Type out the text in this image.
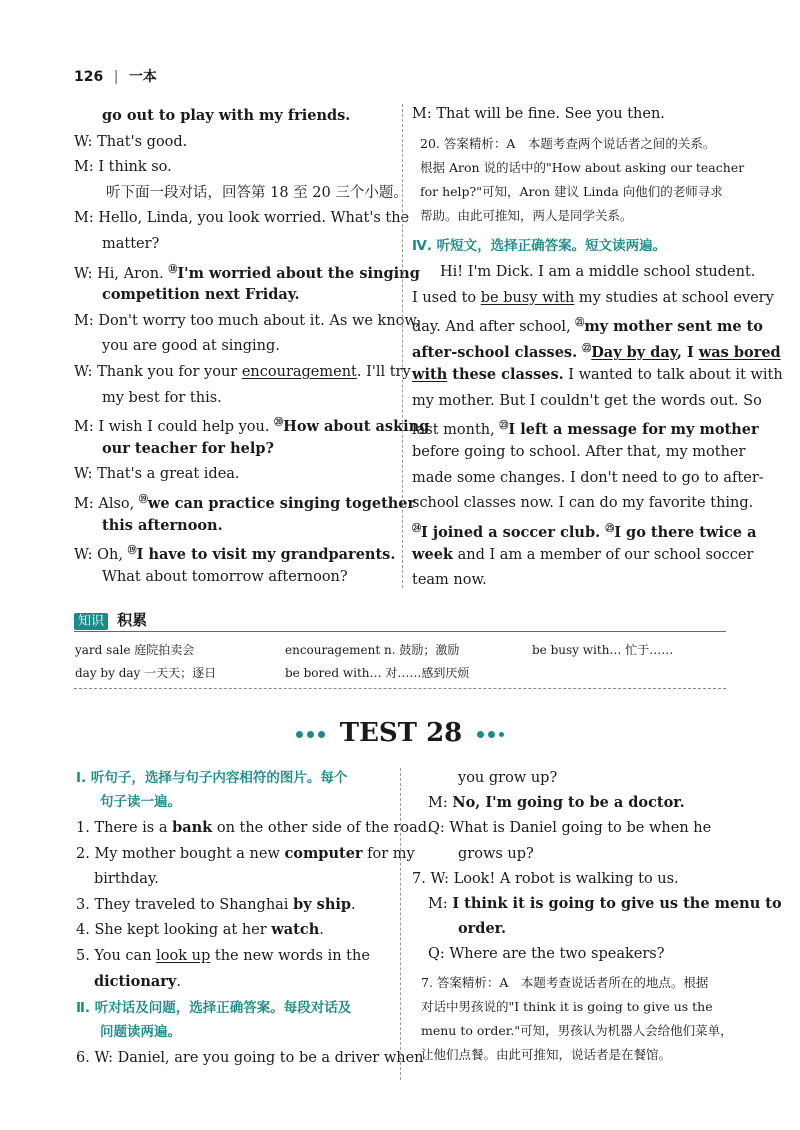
126 | 一本
go out to play with my friends.
W: That's good.
M: I think so.
听下面一段对话，回答第 18 至 20 三个小题。
M: Hello, Linda, you look worried. What's the
matter?
W: Hi, Aron. ⑱I'm worried about the singing
competition next Friday.
M: Don't worry too much about it. As we know,
you are good at singing.
W: Thank you for your encouragement. I'll try
my best for this.
M: I wish I could help you. ⑳How about asking
our teacher for help?
W: That's a great idea.
M: Also, ⑲we can practice singing together
this afternoon.
W: Oh, ⑲I have to visit my grandparents.
What about tomorrow afternoon?
M: That will be fine. See you then.
20. 答案精析：A　本题考查两个说话者之间的关系。
根据 Aron 说的话中的"How about asking our teacher
for help?"可知，Aron 建议 Linda 向他们的老师寻求
帮助。由此可推知，两人是同学关系。
Ⅳ. 听短文，选择正确答案。短文读两遍。
Hi! I'm Dick. I am a middle school student.
I used to be busy with my studies at school every
day. And after school, $^㉑$my mother sent me to
after-school classes. $^㉒$Day by day, I was bored
with these classes. I wanted to talk about it with
my mother. But I couldn't get the words out. So
last month, $^㉓$I left a message for my mother
before going to school. After that, my mother
made some changes. I don't need to go to after-
school classes now. I can do my favorite thing.
$^㉔$I joined a soccer club. $^㉕$I go there twice a
week and I am a member of our school soccer
team now.
知识 积累
yard sale 庭院拍卖会	encouragement n. 鼓励；激励	be busy with… 忙于……
day by day 一天天；逐日	be bored with… 对……感到厌烦
TEST 28
Ⅰ. 听句子，选择与句子内容相符的图片。每个
句子读一遍。
1. There is a bank on the other side of the road.
2. My mother bought a new computer for my
birthday.
3. They traveled to Shanghai by ship.
4. She kept looking at her watch.
5. You can look up the new words in the
dictionary.
Ⅱ. 听对话及问题，选择正确答案。每段对话及
问题读两遍。
6. W: Daniel, are you going to be a driver when
you grow up?
M: No, I'm going to be a doctor.
Q: What is Daniel going to be when he
grows up?
7. W: Look! A robot is walking to us.
M: I think it is going to give us the menu to
order.
Q: Where are the two speakers?
7. 答案精析：A　本题考查说话者所在的地点。根据
对话中男孩说的"I think it is going to give us the
menu to order."可知，男孩认为机器人会给他们菜单，
让他们点餐。由此可推知，说话者是在餐馆。
